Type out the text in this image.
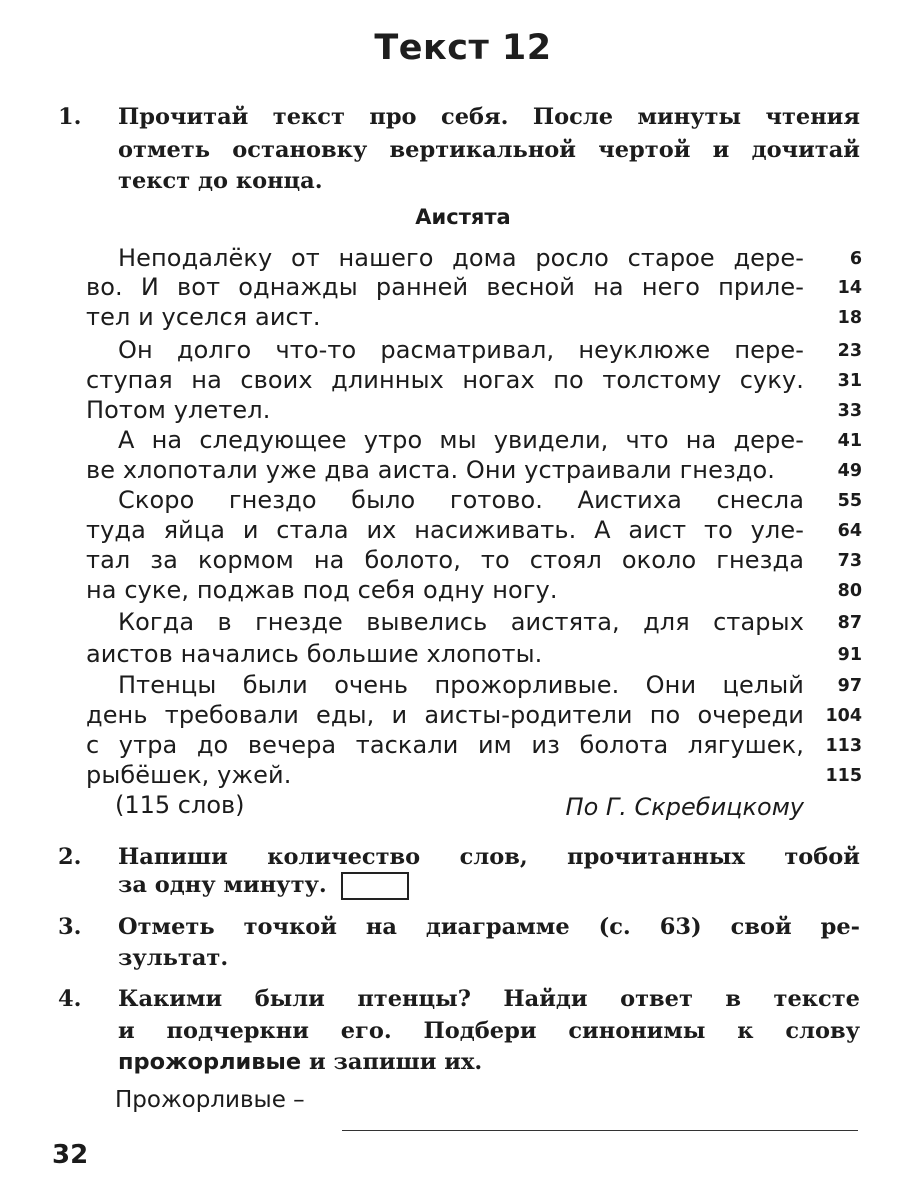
Текст 12
1.	Прочитай текст про себя. После минуты чтения
отметь остановку вертикальной чертой и дочитай
текст до конца.
Аистята
Неподалёку от нашего дома росло старое дере-	6
во. И вот однажды ранней весной на него приле-	14
тел и уселся аист.	18
Он долго что-то расматривал, неуклюже пере-	23
ступая на своих длинных ногах по толстому суку.	31
Потом улетел.	33
А на следующее утро мы увидели, что на дере-	41
ве хлопотали уже два аиста. Они устраивали гнездо.	49
Скоро гнездо было готово. Аистиха снесла	55
туда яйца и стала их насиживать. А аист то уле-	64
тал за кормом на болото, то стоял около гнезда	73
на суке, поджав под себя одну ногу.	80
Когда в гнезде вывелись аистята, для старых	87
аистов начались большие хлопоты.	91
Птенцы были очень прожорливые. Они целый	97
день требовали еды, и аисты-родители по очереди	104
с утра до вечера таскали им из болота лягушек,	113
рыбёшек, ужей.	115
(115 слов)	По Г. Скребицкому
2.	Напиши количество слов, прочитанных тобой
за одну минуту.
3.	Отметь точкой на диаграмме (с. 63) свой ре-
зультат.
4.	Какими были птенцы? Найди ответ в тексте
и подчеркни его. Подбери синонимы к слову
прожорливые и запиши их.
Прожорливые –
32
